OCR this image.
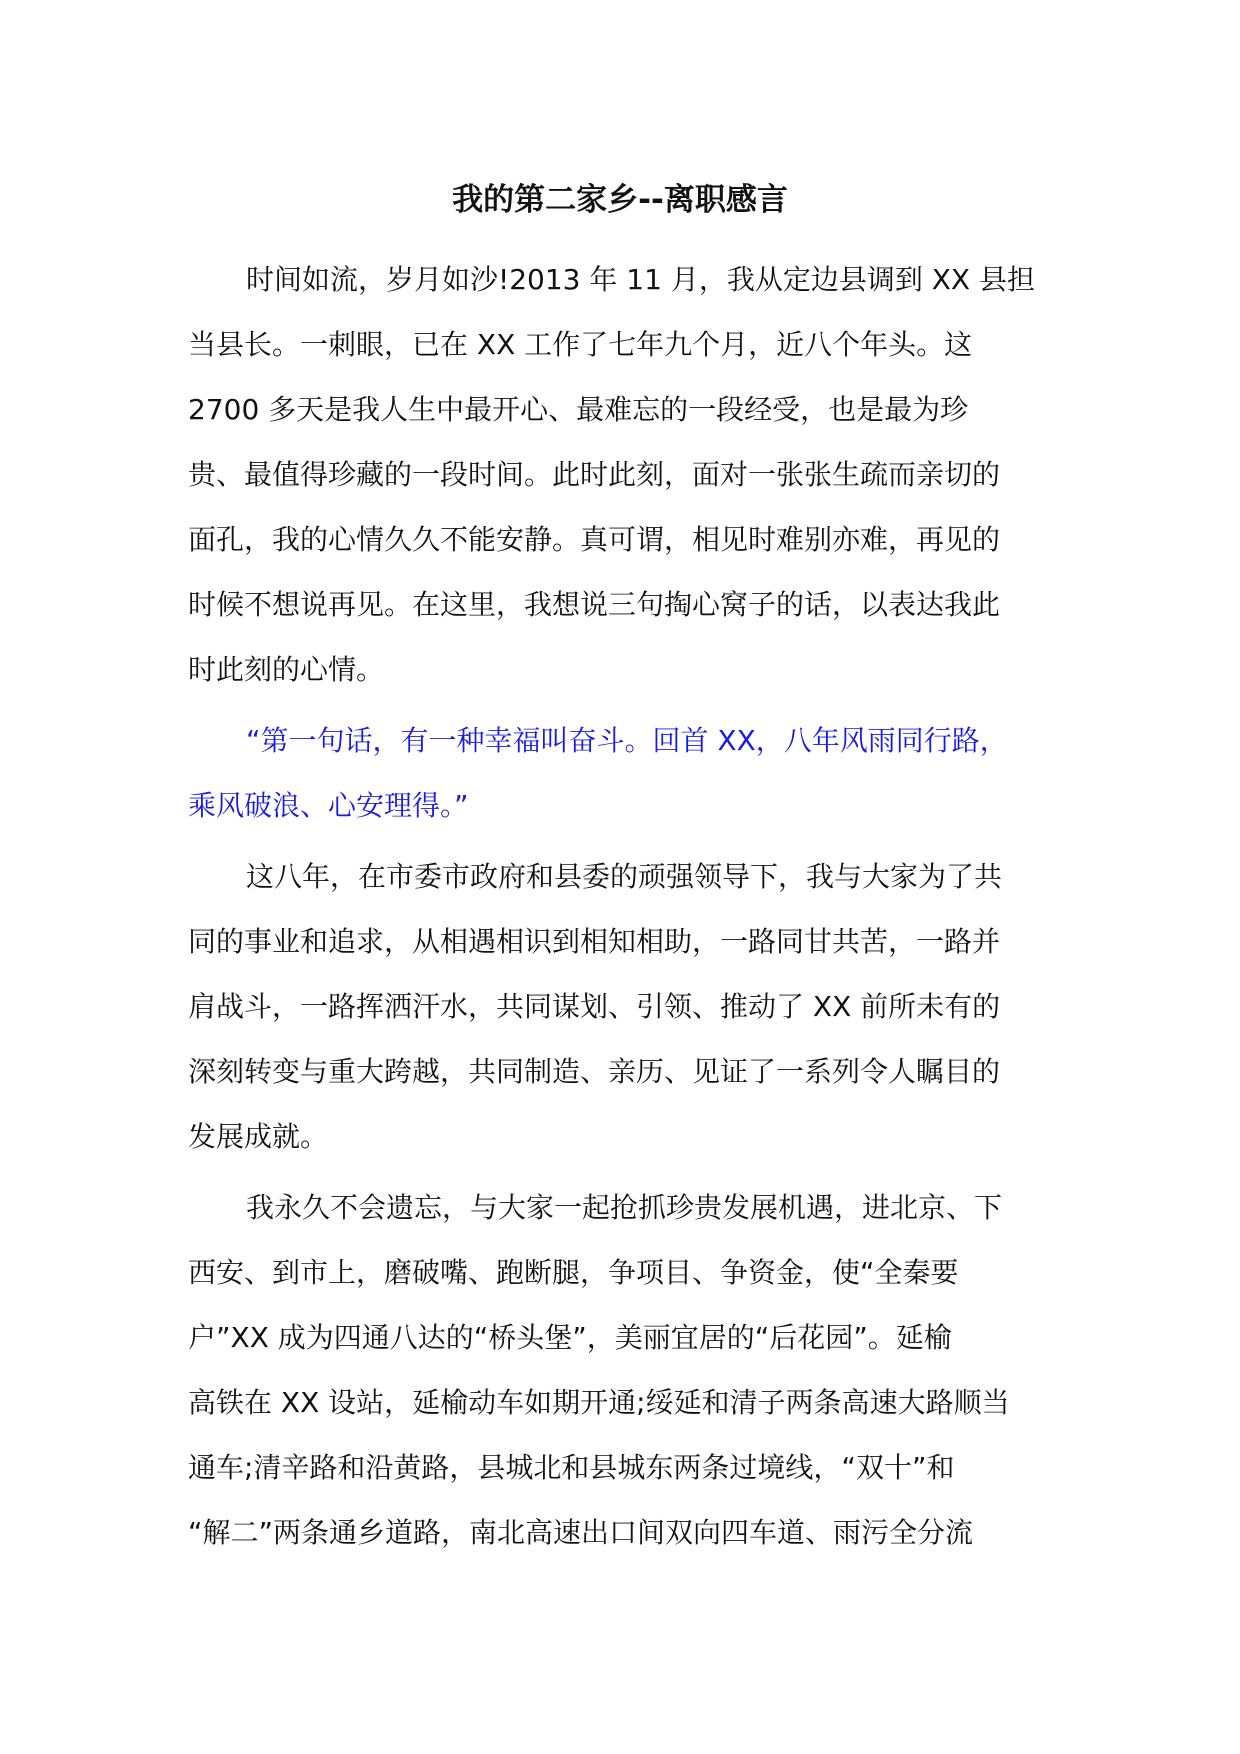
我的第二家乡--离职感言

时间如流，岁月如沙!2013 年 11 月，我从定边县调到 XX 县担
当县长。一刺眼，已在 XX 工作了七年九个月，近八个年头。这
2700 多天是我人生中最开心、最难忘的一段经受，也是最为珍
贵、最值得珍藏的一段时间。此时此刻，面对一张张生疏而亲切的
面孔，我的心情久久不能安静。真可谓，相见时难别亦难，再见的
时候不想说再见。在这里，我想说三句掏心窝子的话，以表达我此
时此刻的心情。

“第一句话，有一种幸福叫奋斗。回首 XX，八年风雨同行路，
乘风破浪、心安理得。”

这八年，在市委市政府和县委的顽强领导下，我与大家为了共
同的事业和追求，从相遇相识到相知相助，一路同甘共苦，一路并
肩战斗，一路挥洒汗水，共同谋划、引领、推动了 XX 前所未有的
深刻转变与重大跨越，共同制造、亲历、见证了一系列令人瞩目的
发展成就。

我永久不会遗忘，与大家一起抢抓珍贵发展机遇，进北京、下
西安、到市上，磨破嘴、跑断腿，争项目、争资金，使“全秦要
户”XX 成为四通八达的“桥头堡”，美丽宜居的“后花园”。延榆
高铁在 XX 设站，延榆动车如期开通;绥延和清子两条高速大路顺当
通车;清辛路和沿黄路，县城北和县城东两条过境线，“双十”和
“解二”两条通乡道路，南北高速出口间双向四车道、雨污全分流
